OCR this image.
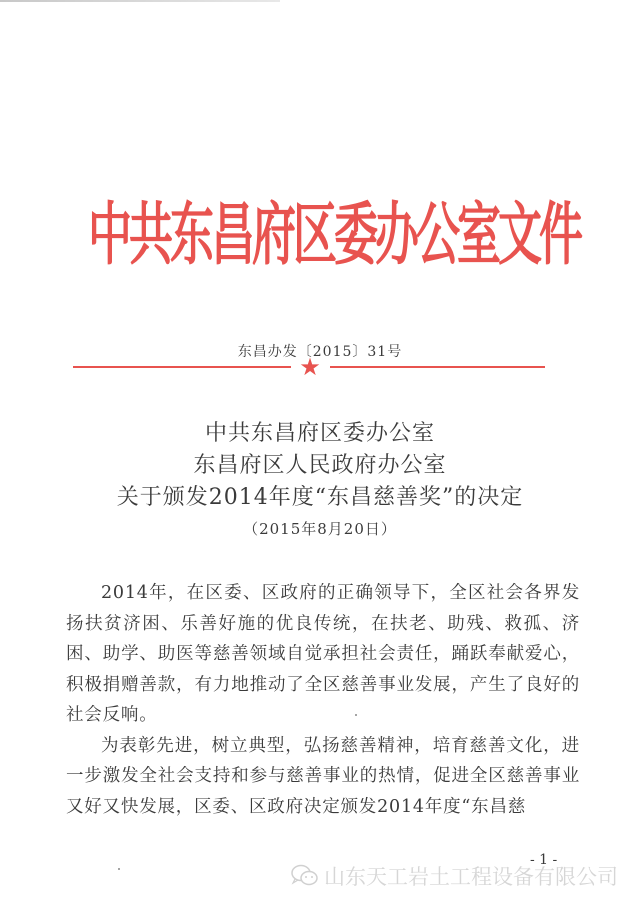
中共东昌府区委办公室文件
东昌办发〔2015〕31号
★
中共东昌府区委办公室
东昌府区人民政府办公室
关于颁发2014年度“东昌慈善奖”的决定
（2015年8月20日）

2014年，在区委、区政府的正确领导下，全区社会各界发扬扶贫济困、乐善好施的优良传统，在扶老、助残、救孤、济困、助学、助医等慈善领域自觉承担社会责任，踊跃奉献爱心，积极捐赠善款，有力地推动了全区慈善事业发展，产生了良好的社会反响。

为表彰先进，树立典型，弘扬慈善精神，培育慈善文化，进一步激发全社会支持和参与慈善事业的热情，促进全区慈善事业又好又快发展，区委、区政府决定颁发2014年度“东昌慈

- 1 -
山东天工岩土工程设备有限公司
